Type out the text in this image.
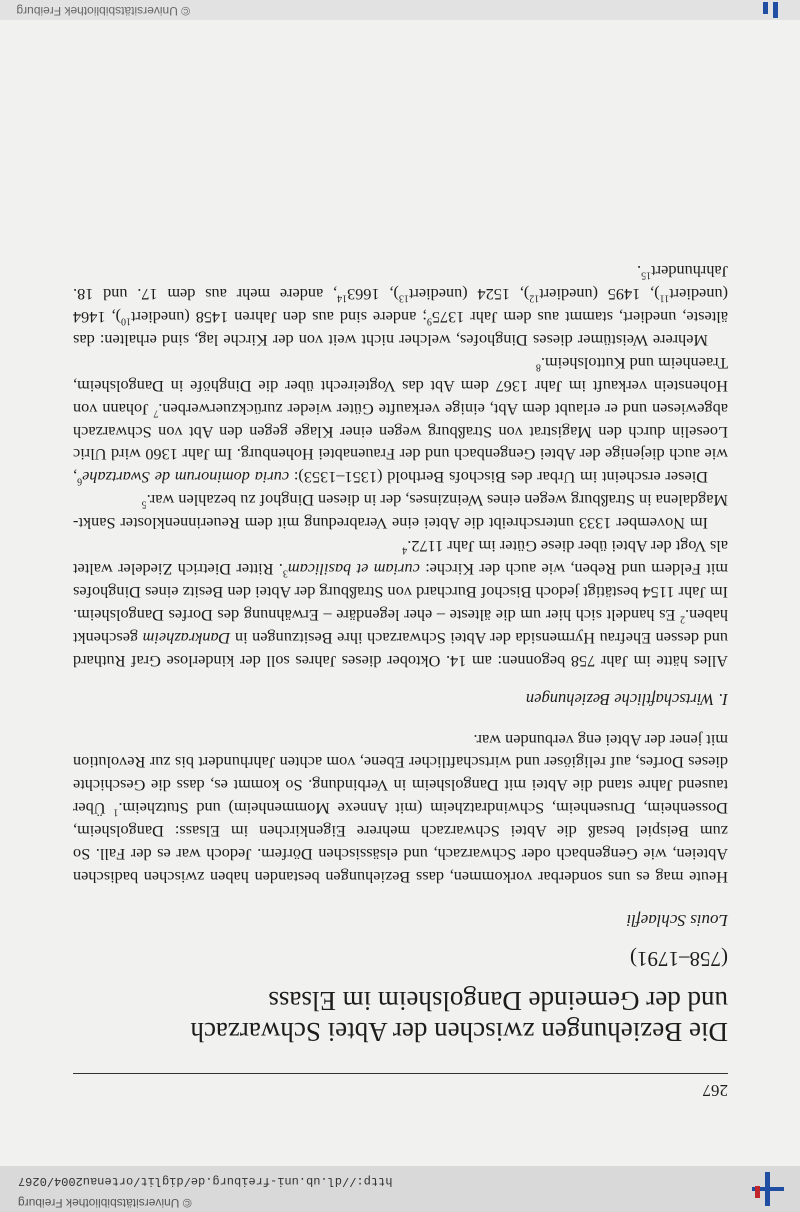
© Universitätsbibliothek Freiburg
http://dl.ub.uni-freiburg.de/diglit/ortenau2004/0267
267
Die Beziehungen zwischen der Abtei Schwarzach
und der Gemeinde Dangolsheim im Elsass
(758–1791)
Louis Schlaefli

Heute mag es uns sonderbar vorkommen, dass Beziehungen bestanden haben zwischen badischen Abteien, wie Gengenbach oder Schwarzach, und elsässischen Dörfern. Jedoch war es der Fall. So zum Beispiel besaß die Abtei Schwarzach mehrere Eigenkirchen im Elsass: Dangolsheim, Dossenheim, Drusenheim, Schwindratzheim (mit Annexe Mommenheim) und Stutzheim.$^1$ Über tausend Jahre stand die Abtei mit Dangolsheim in Verbindung. So kommt es, dass die Geschichte dieses Dorfes, auf religiöser und wirtschaftlicher Ebene, vom achten Jahrhundert bis zur Revolution mit jener der Abtei eng verbunden war.

I. Wirtschaftliche Beziehungen

Alles hätte im Jahr 758 begonnen: am 14. Oktober dieses Jahres soll der kinderlose Graf Ruthard und dessen Ehefrau Hyrmensida der Abtei Schwarzach ihre Besitzungen in Dankrazheim geschenkt haben.$^2$ Es handelt sich hier um die älteste – eher legendäre – Erwähnung des Dorfes Dangolsheim. Im Jahr 1154 bestätigt jedoch Bischof Burchard von Straßburg der Abtei den Besitz eines Dinghofes mit Feldern und Reben, wie auch der Kirche: curiam et basilicam$^3$. Ritter Dietrich Ziedeler waltet als Vogt der Abtei über diese Güter im Jahr 1172.$^4$

Im November 1333 unterschreibt die Abtei eine Verabredung mit dem Reuerinnenkloster Sankt-Magdalena in Straßburg wegen eines Weinzinses, der in diesen Dinghof zu bezahlen war.$^5$

Dieser erscheint im Urbar des Bischofs Berthold (1351–1353): curia dominorum de Swartzahe$^6$, wie auch diejenige der Abtei Gengenbach und der Frauenabtei Hohenburg. Im Jahr 1360 wird Ulric Loeselin durch den Magistrat von Straßburg wegen einer Klage gegen den Abt von Schwarzach abgewiesen und er erlaubt dem Abt, einige verkaufte Güter wieder zurückzuerwerben.$^7$ Johann von Hohenstein verkauft im Jahr 1367 dem Abt das Vogteirecht über die Dinghöfe in Dangolsheim, Traenheim und Kuttolsheim.$^8$

Mehrere Weistümer dieses Dinghofes, welcher nicht weit von der Kirche lag, sind erhalten: das älteste, unediert, stammt aus dem Jahr 1375$^9$; andere sind aus den Jahren 1458 (unediert$^{10}$), 1464 (unediert$^{11}$), 1495 (unediert$^{12}$), 1524 (unediert$^{13}$), 1663$^{14}$, andere mehr aus dem 17. und 18. Jahrhundert$^{15}$.

© Universitätsbibliothek Freiburg
